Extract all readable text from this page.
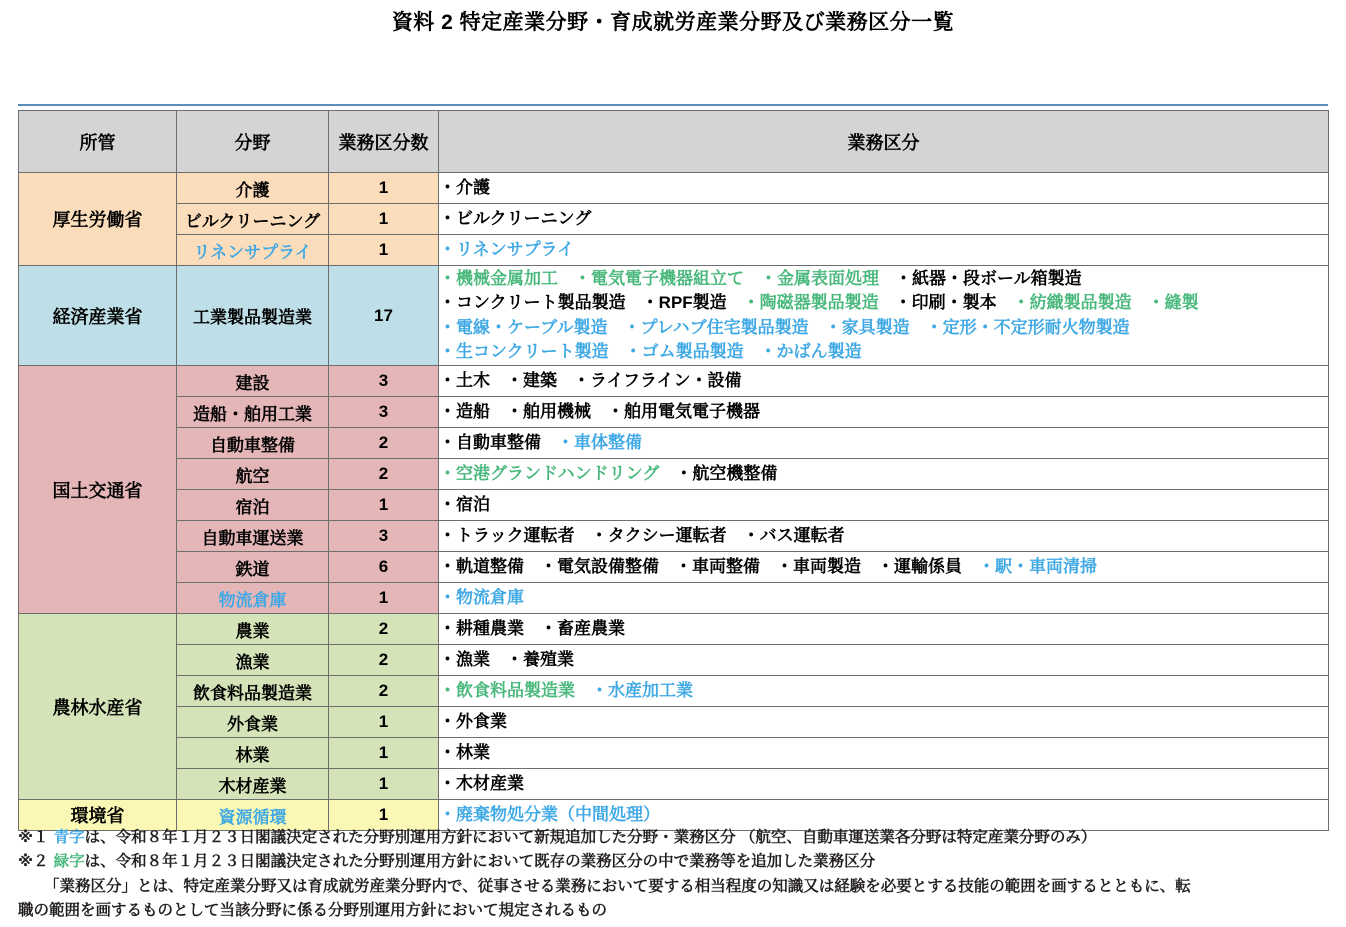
資料 2 特定産業分野・育成就労産業分野及び業務区分一覧
所管	分野	業務区分数	業務区分
厚生労働省	介護	1	・介護

	ビルクリーニング	1	・ビルクリーニング

	リネンサプライ	1	・リネンサプライ

経済産業省	工業製品製造業	17	・機械金属加工 ・電気電子機器組立て ・金属表面処理 ・紙器・段ボール箱製造
・コンクリート製品製造 ・RPF製造 ・陶磁器製品製造 ・印刷・製本 ・紡織製品製造 ・縫製
・電線・ケーブル製造 ・プレハブ住宅製品製造 ・家具製造 ・定形・不定形耐火物製造
・生コンクリート製造 ・ゴム製品製造 ・かばん製造

国土交通省	建設	3	・土木 ・建築 ・ライフライン・設備

	造船・舶用工業	3	・造船 ・舶用機械 ・舶用電気電子機器

	自動車整備	2	・自動車整備 ・車体整備

	航空	2	・空港グランドハンドリング ・航空機整備

	宿泊	1	・宿泊

	自動車運送業	3	・トラック運転者 ・タクシー運転者 ・バス運転者

	鉄道	6	・軌道整備 ・電気設備整備 ・車両整備 ・車両製造 ・運輸係員 ・駅・車両清掃

	物流倉庫	1	・物流倉庫

農林水産省	農業	2	・耕種農業 ・畜産農業

	漁業	2	・漁業 ・養殖業

	飲食料品製造業	2	・飲食料品製造業 ・水産加工業

	外食業	1	・外食業

	林業	1	・林業

	木材産業	1	・木材産業

環境省	資源循環	1	・廃棄物処分業（中間処理）
※１ 青字は、令和８年１月２３日閣議決定された分野別運用方針において新規追加した分野・業務区分 （航空、自動車運送業各分野は特定産業分野のみ）
※２ 緑字は、令和８年１月２３日閣議決定された分野別運用方針において既存の業務区分の中で業務等を追加した業務区分
「業務区分」とは、特定産業分野又は育成就労産業分野内で、従事させる業務において要する相当程度の知識又は経験を必要とする技能の範囲を画するとともに、転
職の範囲を画するものとして当該分野に係る分野別運用方針において規定されるもの
